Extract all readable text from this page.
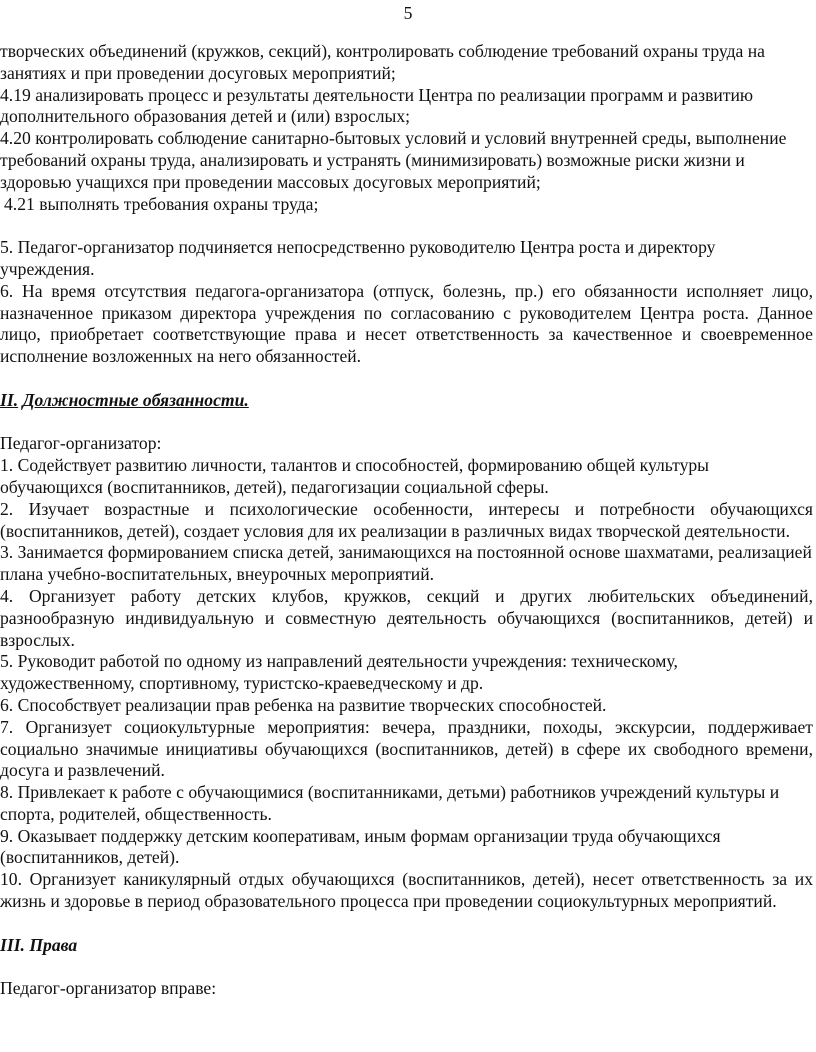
5

творческих объединений (кружков, секций), контролировать соблюдение требований охраны труда на занятиях и при проведении досуговых мероприятий;

4.19 анализировать процесс и результаты деятельности Центра по реализации программ и развитию дополнительного образования детей и (или) взрослых;

4.20 контролировать соблюдение санитарно-бытовых условий и условий внутренней среды, выполнение требований охраны труда, анализировать и устранять (минимизировать) возможные риски жизни и здоровью учащихся при проведении массовых досуговых мероприятий;

4.21 выполнять требования охраны труда;

5. Педагог-организатор подчиняется непосредственно руководителю Центра роста и директору учреждения.

6. На время отсутствия педагога-организатора (отпуск, болезнь, пр.) его обязанности исполняет лицо, назначенное приказом директора учреждения по согласованию с руководителем Центра роста. Данное лицо, приобретает соответствующие права и несет ответственность за качественное и своевременное исполнение возложенных на него обязанностей.

II. Должностные обязанности.

Педагог-организатор:

1. Содействует развитию личности, талантов и способностей, формированию общей культуры обучающихся (воспитанников, детей), педагогизации социальной сферы.

2. Изучает возрастные и психологические особенности, интересы и потребности обучающихся (воспитанников, детей), создает условия для их реализации в различных видах творческой деятельности.

3. Занимается формированием списка детей, занимающихся на постоянной основе шахматами, реализацией плана учебно-воспитательных, внеурочных мероприятий.

4. Организует работу детских клубов, кружков, секций и других любительских объединений, разнообразную индивидуальную и совместную деятельность обучающихся (воспитанников, детей) и взрослых.

5. Руководит работой по одному из направлений деятельности учреждения: техническому, художественному, спортивному, туристско-краеведческому и др.

6. Способствует реализации прав ребенка на развитие творческих способностей.

7. Организует социокультурные мероприятия: вечера, праздники, походы, экскурсии, поддерживает социально значимые инициативы обучающихся (воспитанников, детей) в сфере их свободного времени, досуга и развлечений.

8. Привлекает к работе с обучающимися (воспитанниками, детьми) работников учреждений культуры и спорта, родителей, общественность.

9. Оказывает поддержку детским кооперативам, иным формам организации труда обучающихся (воспитанников, детей).

10. Организует каникулярный отдых обучающихся (воспитанников, детей), несет ответственность за их жизнь и здоровье в период образовательного процесса при проведении социокультурных мероприятий.

III. Права

Педагог-организатор вправе:
